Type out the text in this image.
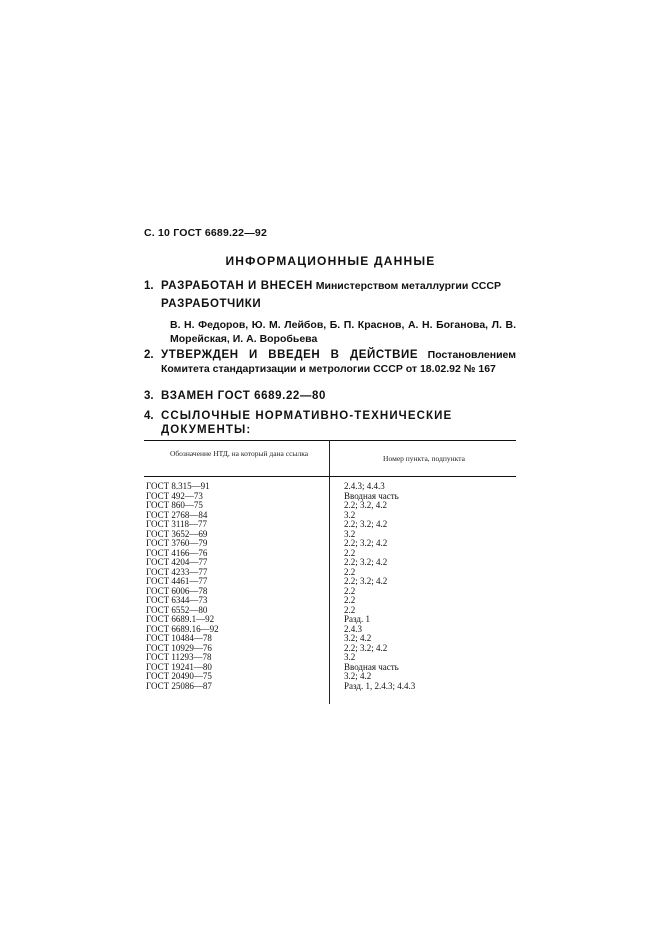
С. 10 ГОСТ 6689.22—92
ИНФОРМАЦИОННЫЕ ДАННЫЕ
1. РАЗРАБОТАН И ВНЕСЕН Министерством металлургии СССР
РАЗРАБОТЧИКИ
В. Н. Федоров, Ю. М. Лейбов, Б. П. Краснов, А. Н. Боганова, Л. В. Морейская, И. А. Воробьева
2. УТВЕРЖДЕН И ВВЕДЕН В ДЕЙСТВИЕ Постановлением Комитета стандартизации и метрологии СССР от 18.02.92 № 167
3. ВЗАМЕН ГОСТ 6689.22—80
4. ССЫЛОЧНЫЕ НОРМАТИВНО-ТЕХНИЧЕСКИЕ ДОКУМЕНТЫ:
Обозначение НТД, на который дана ссылка
Номер пункта, подпункта
ГОСТ 8.315—91	2.4.3; 4.4.3
ГОСТ 492—73	Вводная часть
ГОСТ 860—75	2.2; 3.2, 4.2
ГОСТ 2768—84	3.2
ГОСТ 3118—77	2.2; 3.2; 4.2
ГОСТ 3652—69	3.2
ГОСТ 3760—79	2.2; 3.2; 4.2
ГОСТ 4166—76	2.2
ГОСТ 4204—77	2.2; 3.2; 4.2
ГОСТ 4233—77	2.2
ГОСТ 4461—77	2.2; 3.2; 4.2
ГОСТ 6006—78	2.2
ГОСТ 6344—73	2.2
ГОСТ 6552—80	2.2
ГОСТ 6689.1—92	Разд. 1
ГОСТ 6689.16—92	2.4.3
ГОСТ 10484—78	3.2; 4.2
ГОСТ 10929—76	2.2; 3.2; 4.2
ГОСТ 11293—78	3.2
ГОСТ 19241—80	Вводная часть
ГОСТ 20490—75	3.2; 4.2
ГОСТ 25086—87	Разд. 1, 2.4.3; 4.4.3
